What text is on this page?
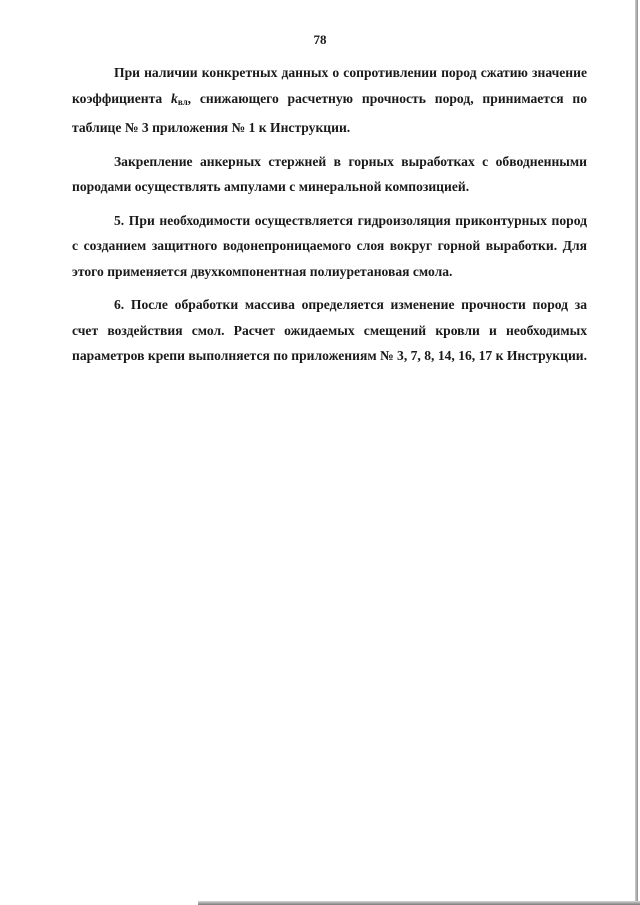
78

При наличии конкретных данных о сопротивлении пород сжатию значение коэффициента $k_{вл}$, снижающего расчетную прочность пород, принимается по таблице № 3 приложения № 1 к Инструкции.

Закрепление анкерных стержней в горных выработках с обводненными породами осуществлять ампулами с минеральной композицией.

5. При необходимости осуществляется гидроизоляция приконтурных пород с созданием защитного водонепроницаемого слоя вокруг горной выработки. Для этого применяется двухкомпонентная полиуретановая смола.

6. После обработки массива определяется изменение прочности пород за счет воздействия смол. Расчет ожидаемых смещений кровли и необходимых параметров крепи выполняется по приложениям № 3, 7, 8, 14, 16, 17 к Инструкции.
